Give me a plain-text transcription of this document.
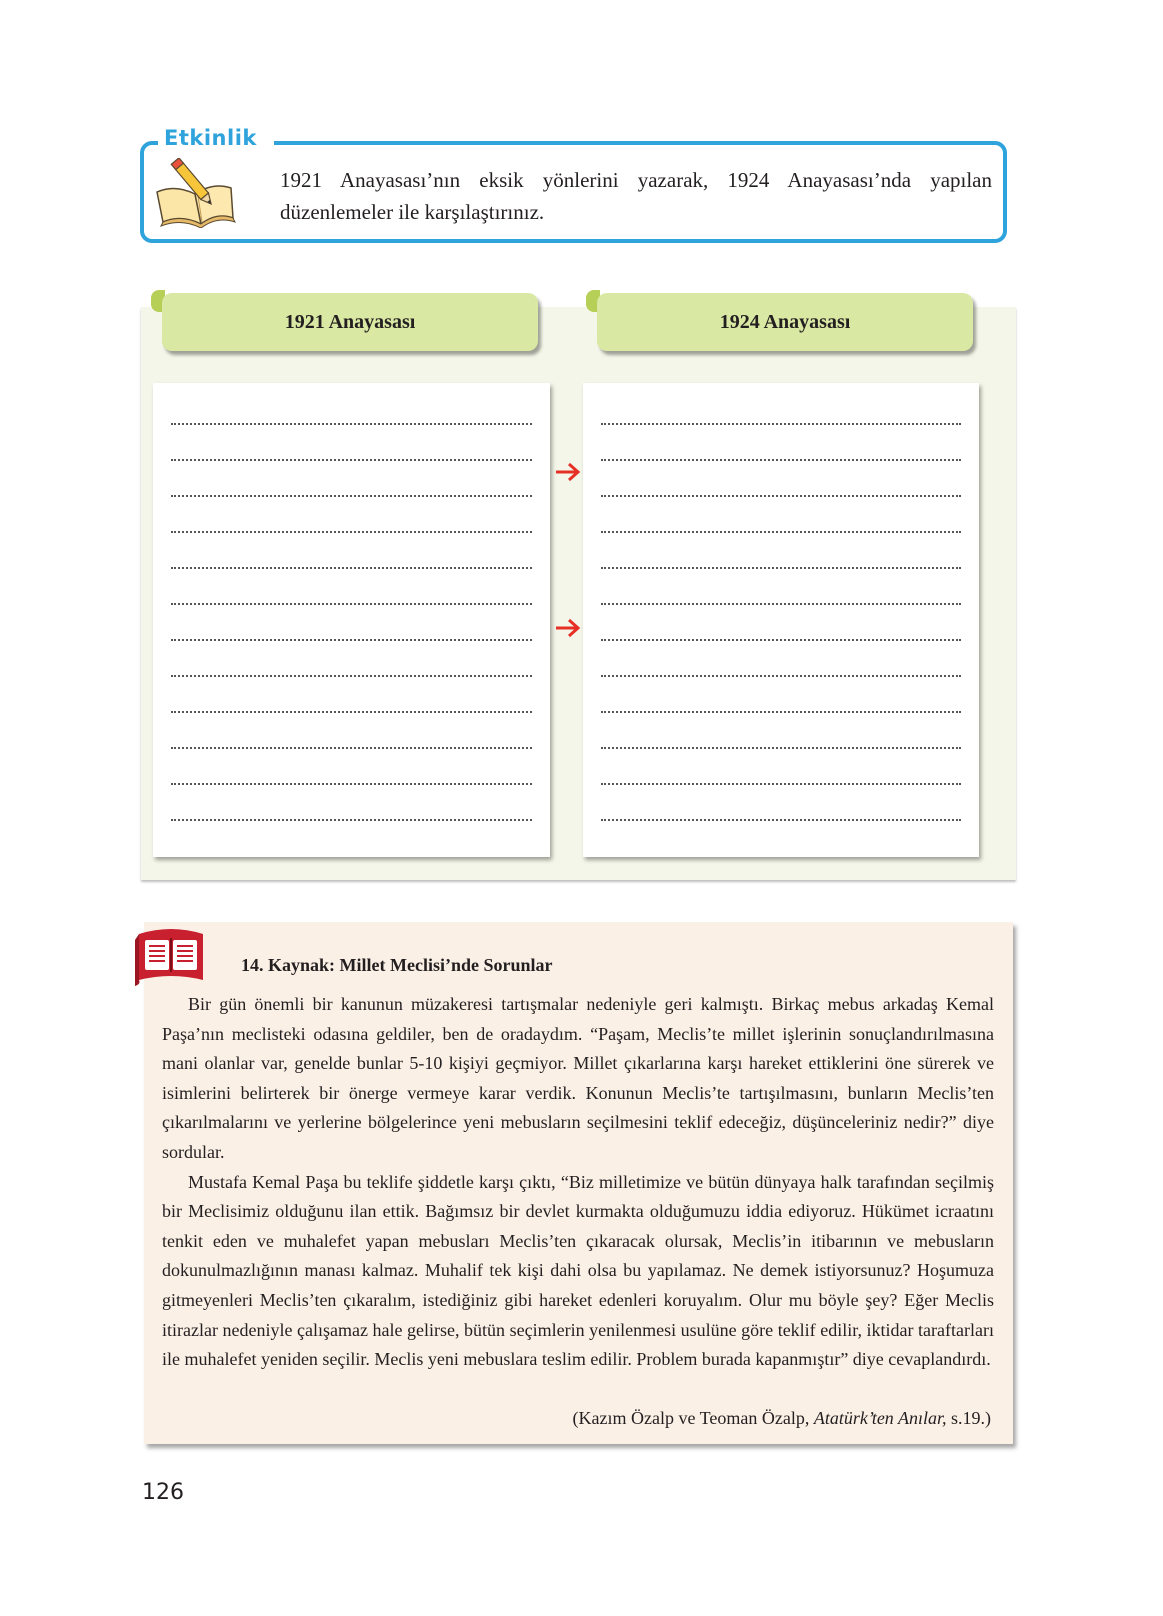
Etkinlik
1921 Anayasası’nın eksik yönlerini yazarak, 1924 Anayasası’nda yapılan düzenlemeler ile karşılaştırınız.
1921 Anayasası	1924 Anayasası
14. Kaynak: Millet Meclisi’nde Sorunlar

Bir gün önemli bir kanunun müzakeresi tartışmalar nedeniyle geri kalmıştı. Birkaç mebus arkadaş Kemal Paşa’nın meclisteki odasına geldiler, ben de oradaydım. “Paşam, Meclis’te millet işlerinin sonuçlandırılmasına mani olanlar var, genelde bunlar 5-10 kişiyi geçmiyor. Millet çıkarlarına karşı hareket ettiklerini öne sürerek ve isimlerini belirterek bir önerge vermeye karar verdik. Konunun Meclis’te tartışılmasını, bunların Meclis’ten çıkarılmalarını ve yerlerine bölgelerince yeni mebusların seçilmesini teklif edeceğiz, düşünceleriniz nedir?” diye sordular.

Mustafa Kemal Paşa bu teklife şiddetle karşı çıktı, “Biz milletimize ve bütün dünyaya halk tarafından seçilmiş bir Meclisimiz olduğunu ilan ettik. Bağımsız bir devlet kurmakta olduğumuzu iddia ediyoruz. Hükümet icraatını tenkit eden ve muhalefet yapan mebusları Meclis’ten çıkaracak olursak, Meclis’in itibarının ve mebusların dokunulmazlığının manası kalmaz. Muhalif tek kişi dahi olsa bu yapılamaz. Ne demek istiyorsunuz? Hoşumuza gitmeyenleri Meclis’ten çıkaralım, istediğiniz gibi hareket edenleri koruyalım. Olur mu böyle şey? Eğer Meclis itirazlar nedeniyle çalışamaz hale gelirse, bütün seçimlerin yenilenmesi usulüne göre teklif edilir, iktidar taraftarları ile muhalefet yeniden seçilir. Meclis yeni mebuslara teslim edilir. Problem burada kapanmıştır” diye cevaplandırdı.

(Kazım Özalp ve Teoman Özalp, Atatürk’ten Anılar, s.19.)
126
